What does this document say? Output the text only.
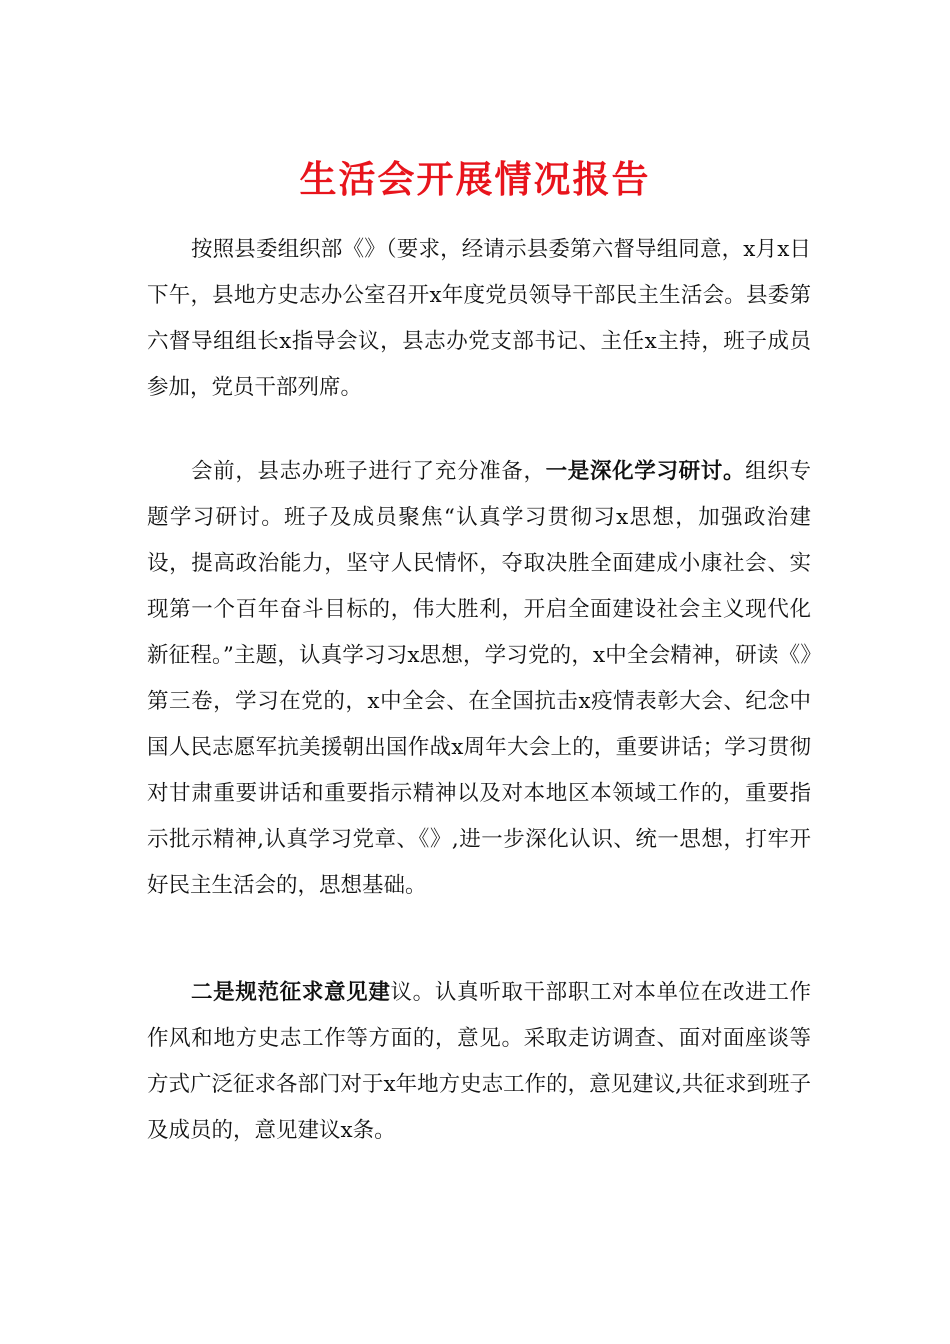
生活会开展情况报告

按照县委组织部《》（要求，经请示县委第六督导组同意，x月x日下午，县地方史志办公室召开x年度党员领导干部民主生活会。县委第六督导组组长x指导会议，县志办党支部书记、主任x主持，班子成员参加，党员干部列席。

会前，县志办班子进行了充分准备，一是深化学习研讨。组织专题学习研讨。班子及成员聚焦“认真学习贯彻习x思想，加强政治建设，提高政治能力，坚守人民情怀，夺取决胜全面建成小康社会、实现第一个百年奋斗目标的，伟大胜利，开启全面建设社会主义现代化新征程。”主题，认真学习习x思想，学习党的，x中全会精神，研读《》第三卷，学习在党的，x中全会、在全国抗击x疫情表彰大会、纪念中国人民志愿军抗美援朝出国作战x周年大会上的，重要讲话；学习贯彻对甘肃重要讲话和重要指示精神以及对本地区本领域工作的，重要指示批示精神,认真学习党章、《》,进一步深化认识、统一思想，打牢开好民主生活会的，思想基础。

二是规范征求意见建议。认真听取干部职工对本单位在改进工作作风和地方史志工作等方面的，意见。采取走访调查、面对面座谈等方式广泛征求各部门对于x年地方史志工作的，意见建议,共征求到班子及成员的，意见建议x条。
